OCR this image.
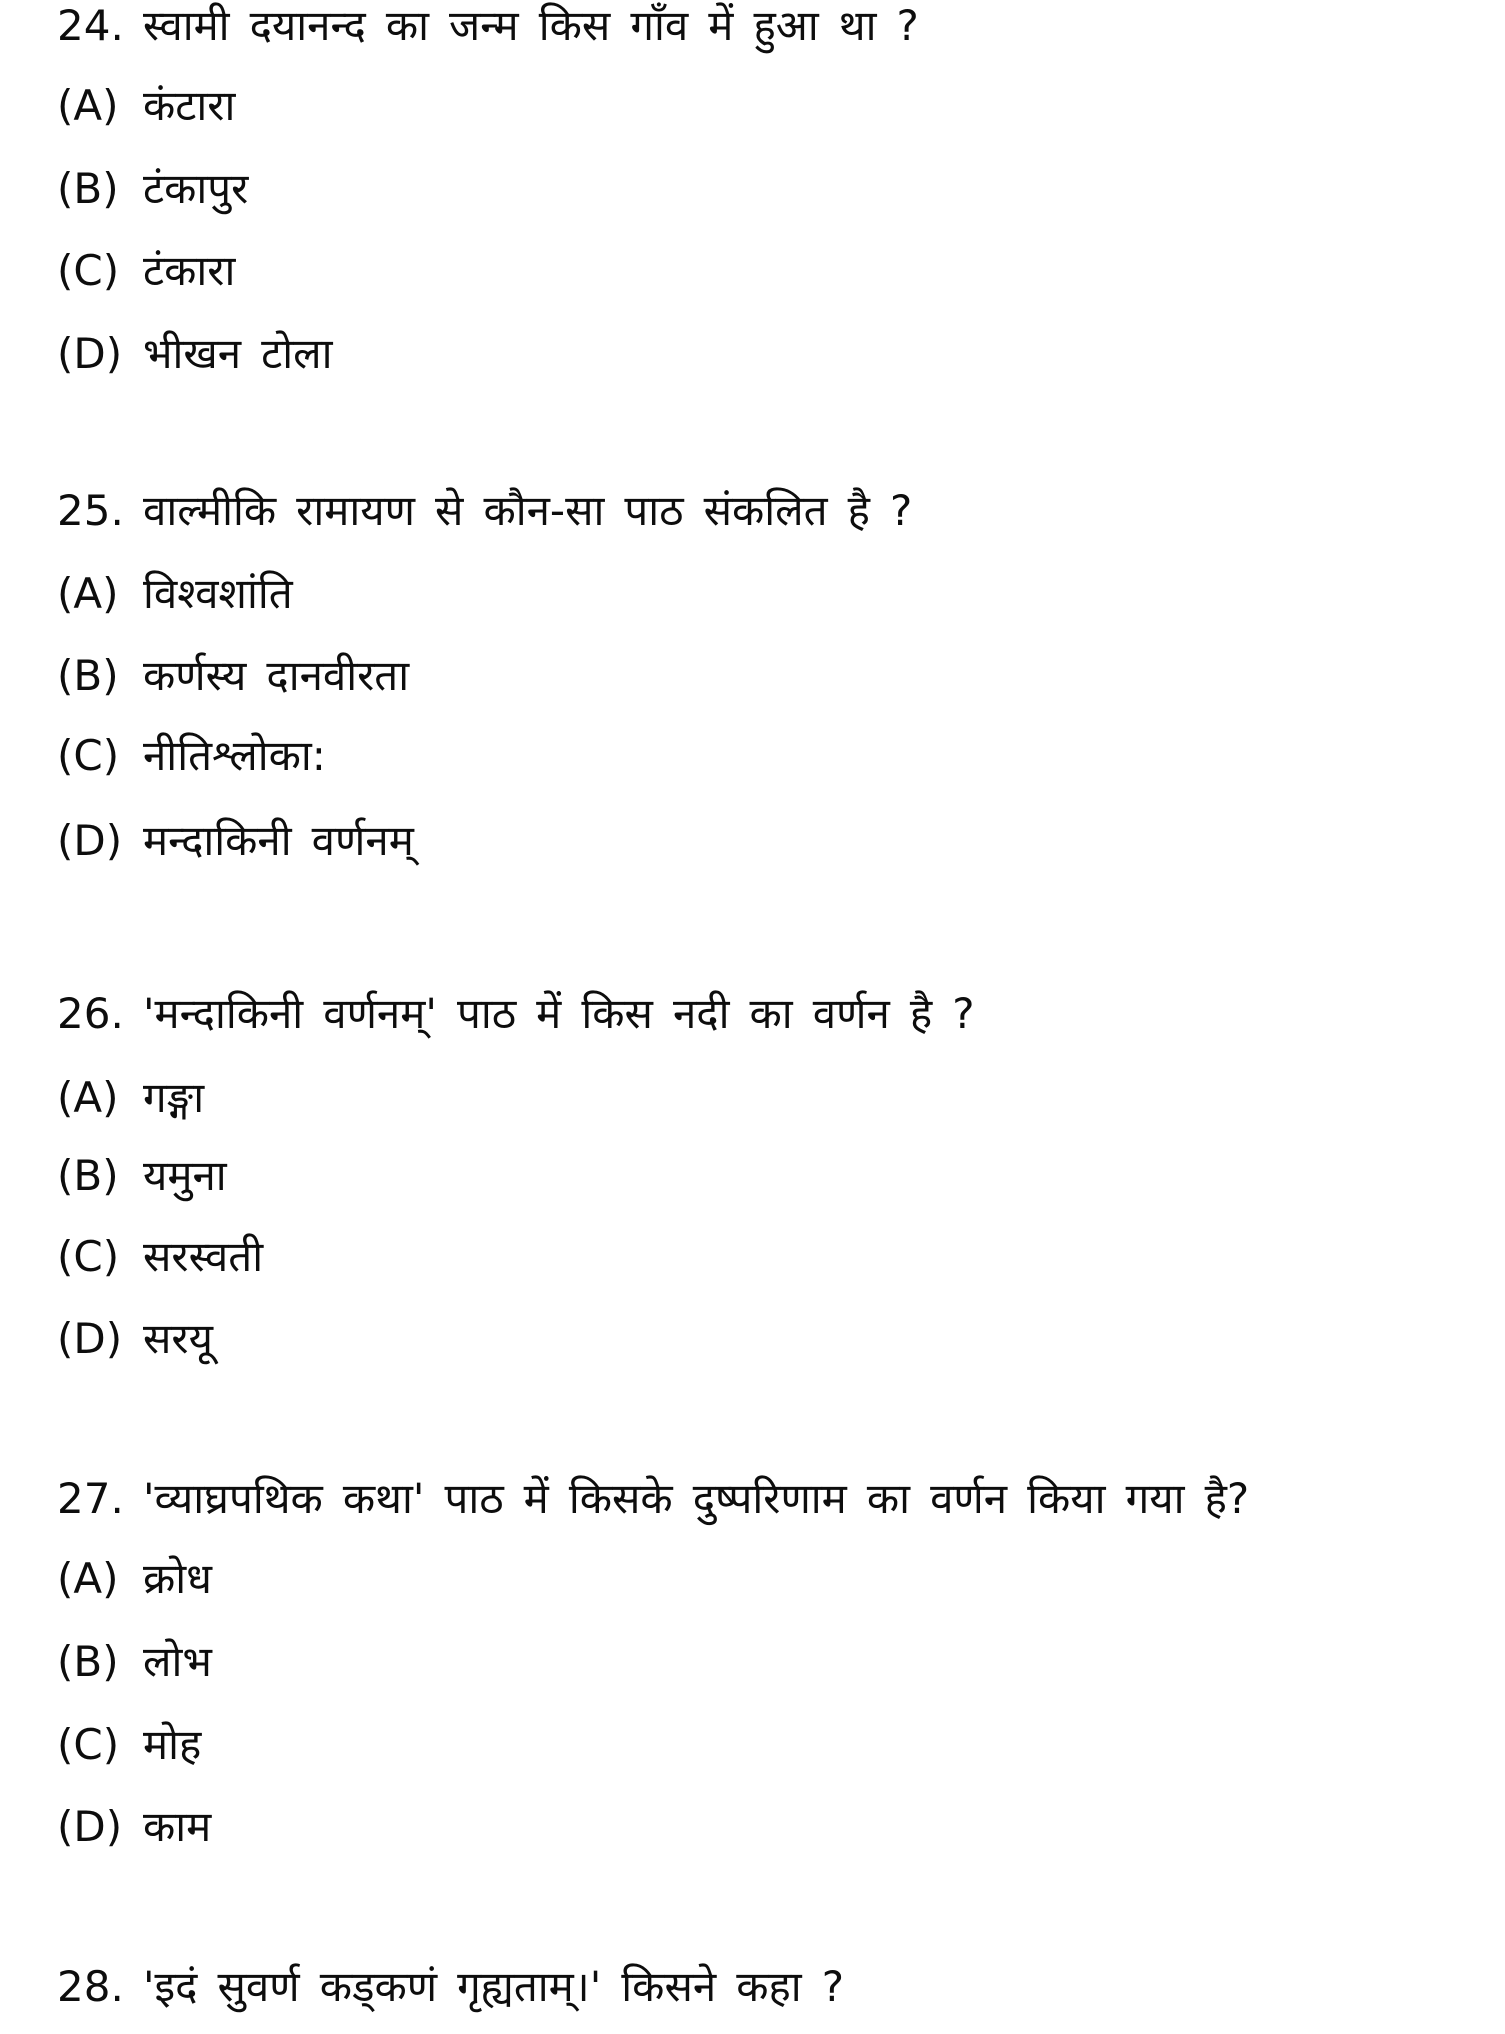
24. स्वामी दयानन्द का जन्म किस गाँव में हुआ था ?
(A) कंटारा
(B) टंकापुर
(C) टंकारा
(D) भीखन टोला
25. वाल्मीकि रामायण से कौन-सा पाठ संकलित है ?
(A) विश्वशांति
(B) कर्णस्य दानवीरता
(C) नीतिश्लोका:
(D) मन्दाकिनी वर्णनम्
26. 'मन्दाकिनी वर्णनम्' पाठ में किस नदी का वर्णन है ?
(A) गङ्गा
(B) यमुना
(C) सरस्वती
(D) सरयू
27. 'व्याघ्रपथिक कथा' पाठ में किसके दुष्परिणाम का वर्णन किया गया है?
(A) क्रोध
(B) लोभ
(C) मोह
(D) काम
28. 'इदं सुवर्ण कड्कणं गृह्यताम्।' किसने कहा ?
